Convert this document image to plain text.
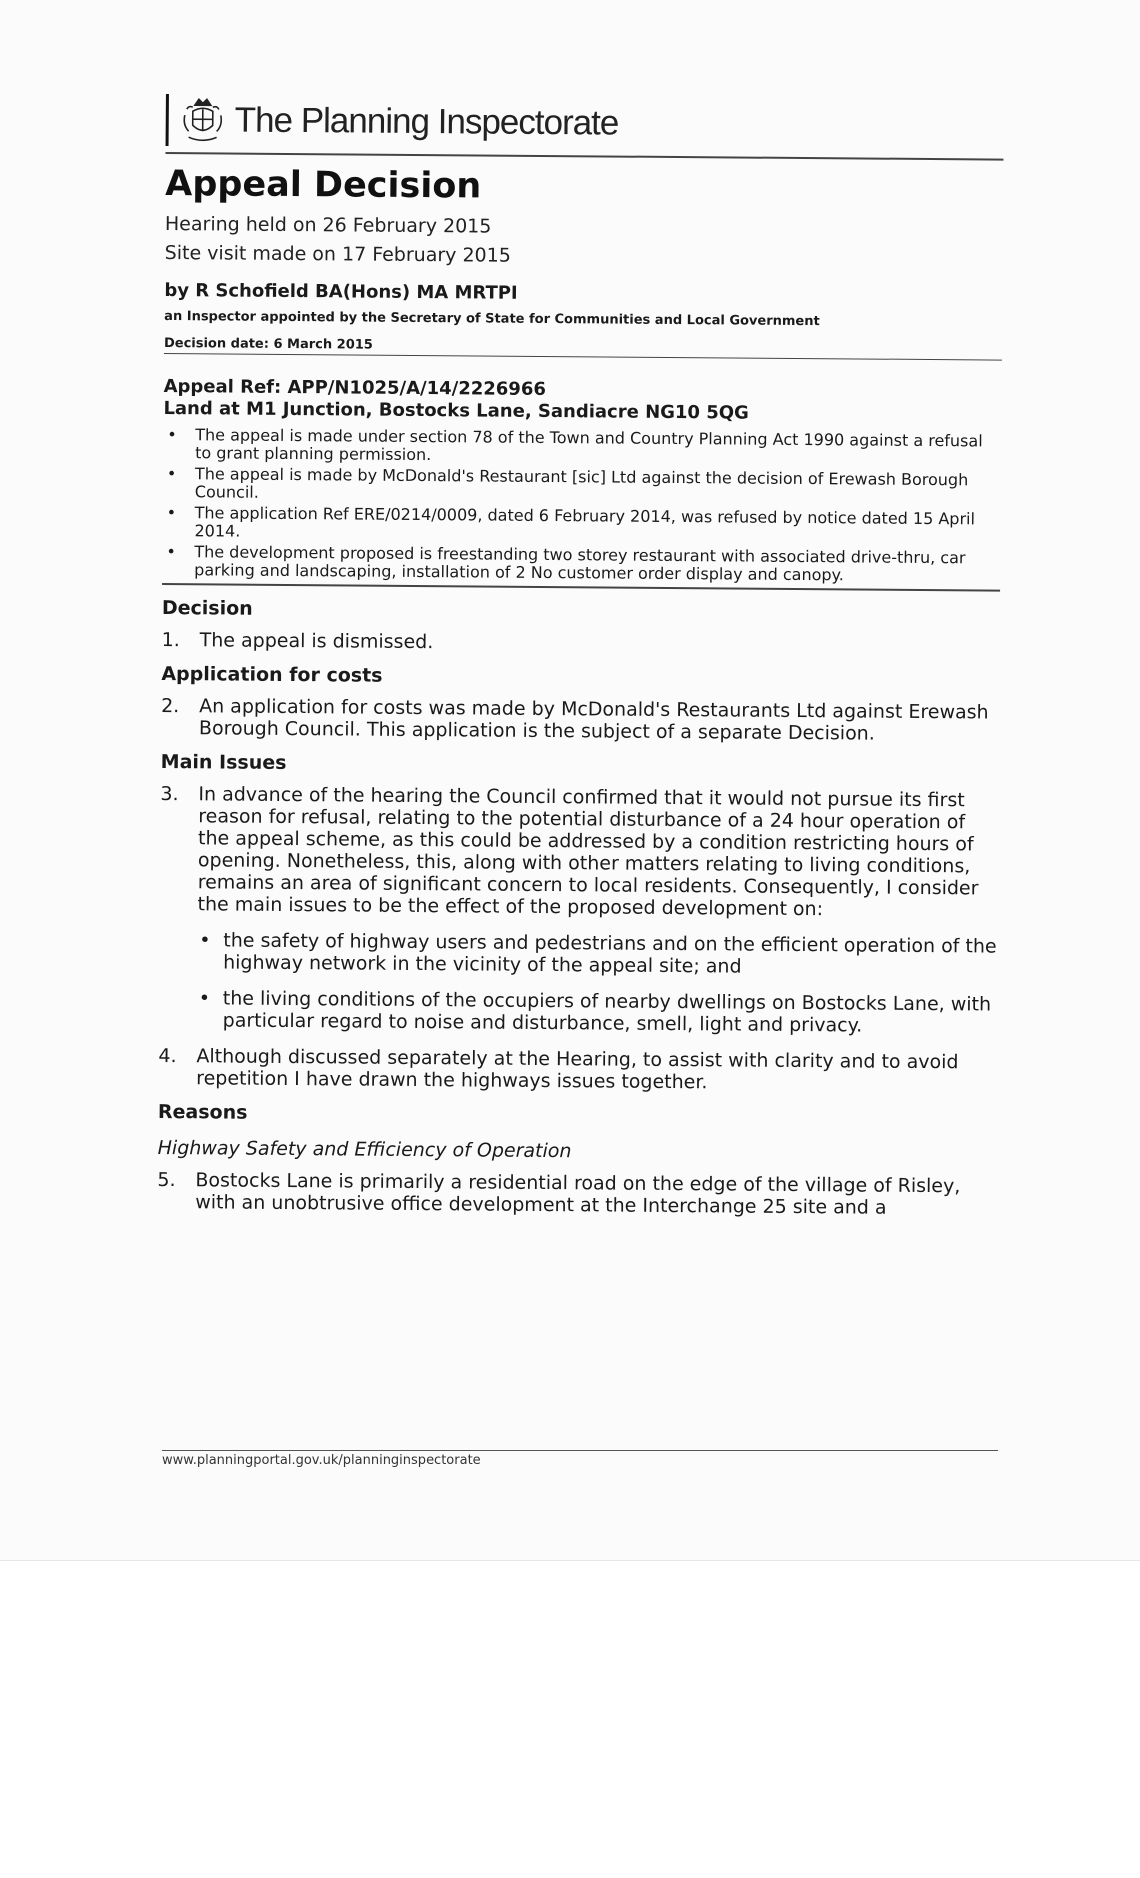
The Planning Inspectorate
Appeal Decision
Hearing held on 26 February 2015
Site visit made on 17 February 2015
by R Schofield BA(Hons) MA MRTPI
an Inspector appointed by the Secretary of State for Communities and Local Government
Decision date: 6 March 2015
Appeal Ref: APP/N1025/A/14/2226966
Land at M1 Junction, Bostocks Lane, Sandiacre NG10 5QG
• The appeal is made under section 78 of the Town and Country Planning Act 1990 against a refusal to grant planning permission.
• The appeal is made by McDonald's Restaurant [sic] Ltd against the decision of Erewash Borough Council.
• The application Ref ERE/0214/0009, dated 6 February 2014, was refused by notice dated 15 April 2014.
• The development proposed is freestanding two storey restaurant with associated drive-thru, car parking and landscaping, installation of 2 No customer order display and canopy.
Decision
1. The appeal is dismissed.
Application for costs
2. An application for costs was made by McDonald's Restaurants Ltd against Erewash Borough Council. This application is the subject of a separate Decision.
Main Issues
3. In advance of the hearing the Council confirmed that it would not pursue its first reason for refusal, relating to the potential disturbance of a 24 hour operation of the appeal scheme, as this could be addressed by a condition restricting hours of opening. Nonetheless, this, along with other matters relating to living conditions, remains an area of significant concern to local residents. Consequently, I consider the main issues to be the effect of the proposed development on:
• the safety of highway users and pedestrians and on the efficient operation of the highway network in the vicinity of the appeal site; and
• the living conditions of the occupiers of nearby dwellings on Bostocks Lane, with particular regard to noise and disturbance, smell, light and privacy.
4. Although discussed separately at the Hearing, to assist with clarity and to avoid repetition I have drawn the highways issues together.
Reasons
Highway Safety and Efficiency of Operation
5. Bostocks Lane is primarily a residential road on the edge of the village of Risley, with an unobtrusive office development at the Interchange 25 site and a
www.planningportal.gov.uk/planninginspectorate
